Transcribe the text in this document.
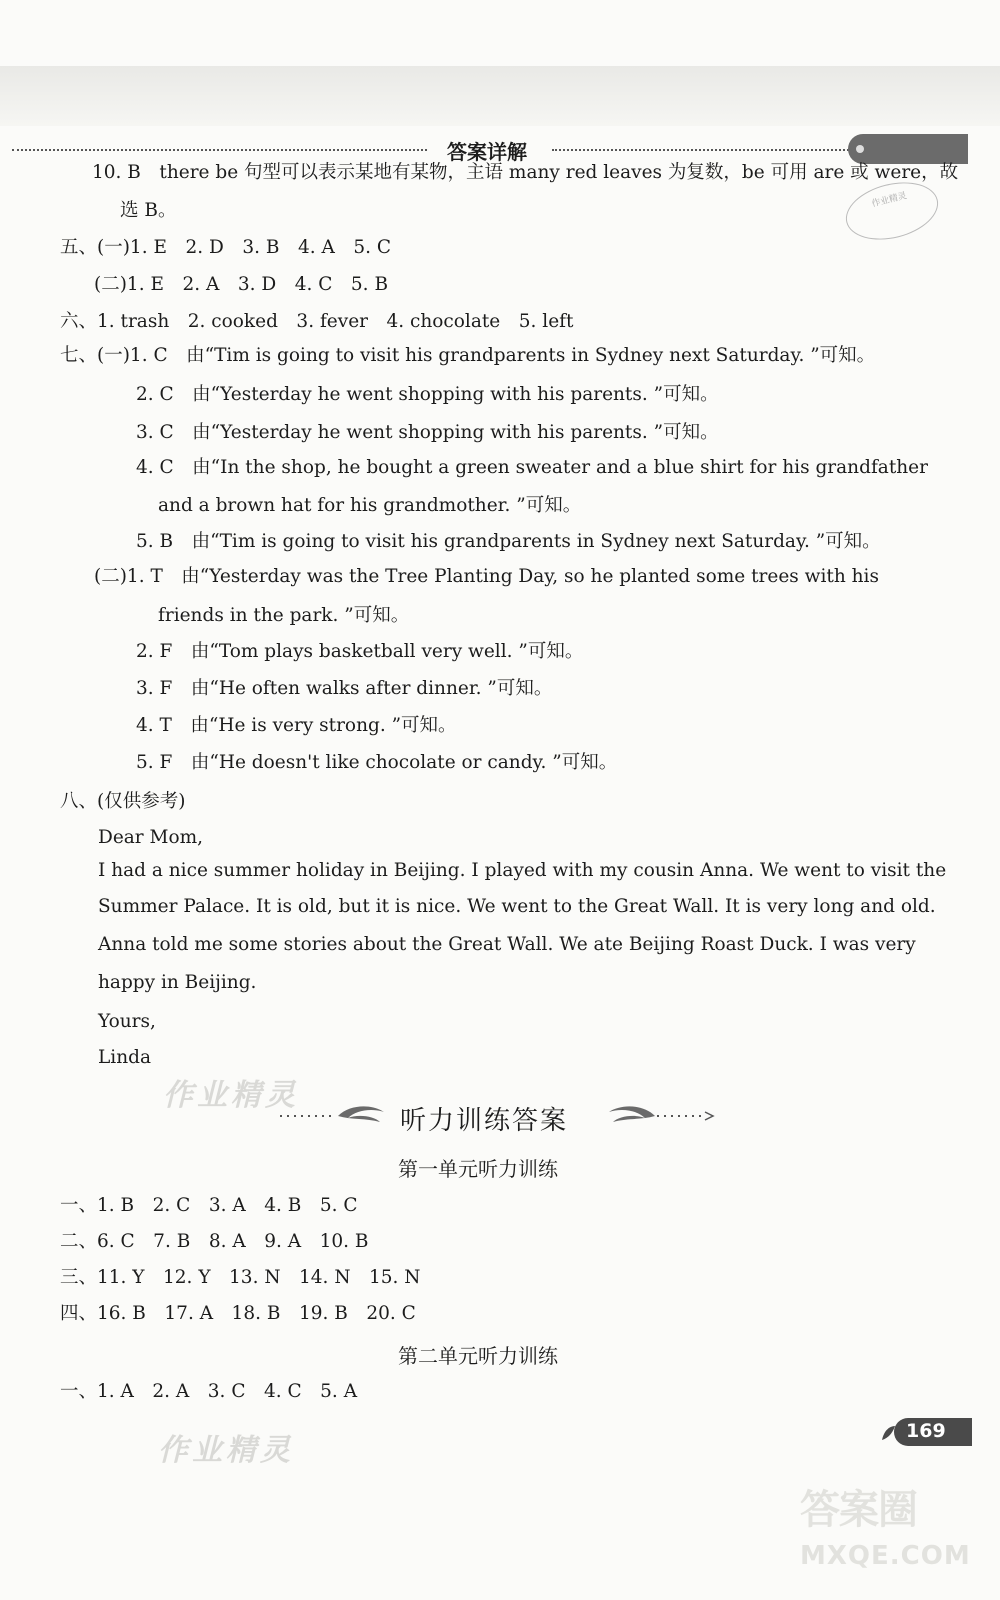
答案详解
作业精灵
10. B　there be 句型可以表示某地有某物，主语 many red leaves 为复数，be 可用 are 或 were，故
选 B。
五、(一)1. E　2. D　3. B　4. A　5. C
(二)1. E　2. A　3. D　4. C　5. B
六、1. trash　2. cooked　3. fever　4. chocolate　5. left
七、(一)1. C　由“Tim is going to visit his grandparents in Sydney next Saturday. ”可知。
2. C　由“Yesterday he went shopping with his parents. ”可知。
3. C　由“Yesterday he went shopping with his parents. ”可知。
4. C　由“In the shop, he bought a green sweater and a blue shirt for his grandfather
and a brown hat for his grandmother. ”可知。
5. B　由“Tim is going to visit his grandparents in Sydney next Saturday. ”可知。
(二)1. T　由“Yesterday was the Tree Planting Day, so he planted some trees with his
friends in the park. ”可知。
2. F　由“Tom plays basketball very well. ”可知。
3. F　由“He often walks after dinner. ”可知。
4. T　由“He is very strong. ”可知。
5. F　由“He doesn't like chocolate or candy. ”可知。
八、(仅供参考)
Dear Mom,
I had a nice summer holiday in Beijing. I played with my cousin Anna. We went to visit the
Summer Palace. It is old, but it is nice. We went to the Great Wall. It is very long and old.
Anna told me some stories about the Great Wall. We ate Beijing Roast Duck. I was very
happy in Beijing.
Yours,
Linda
一、1. B　2. C　3. A　4. B　5. C
二、6. C　7. B　8. A　9. A　10. B
三、11. Y　12. Y　13. N　14. N　15. N
四、16. B　17. A　18. B　19. B　20. C
一、1. A　2. A　3. C　4. C　5. A
听力训练答案
第一单元听力训练
第二单元听力训练
作业精灵
作业精灵
169
答案圈
MXQE.COM
